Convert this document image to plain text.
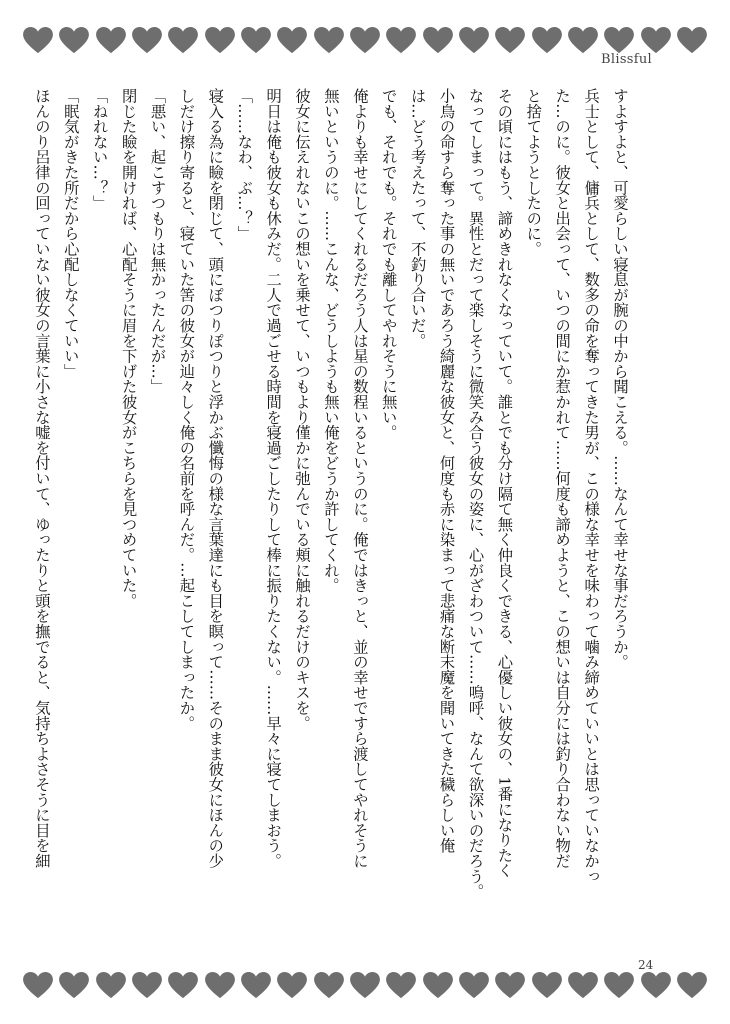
Blissful

すよすよと、可愛らしい寝息が腕の中から聞こえる。……なんて幸せな事だろうか。

兵士として、傭兵として、数多の命を奪ってきた男が、この様な幸せを味わって噛み締めていいとは思っていなかっ

た…のに。彼女と出会って、いつの間にか惹かれて……何度も諦めようと、この想いは自分には釣り合わない物だ

と捨てようとしたのに。

その頃にはもう、諦めきれなくなっていて。誰とでも分け隔て無く仲良くできる、心優しい彼女の、1番になりたく

なってしまって。異性とだって楽しそうに微笑み合う彼女の姿に、心がざわついて……嗚呼、なんて欲深いのだろう。

小鳥の命すら奪った事の無いであろう綺麗な彼女と、何度も赤に染まって悲痛な断末魔を聞いてきた穢らしい俺

は…どう考えたって、不釣り合いだ。

でも、それでも。それでも離してやれそうに無い。

俺よりも幸せにしてくれるだろう人は星の数程いるというのに。俺ではきっと、並の幸せですら渡してやれそうに

無いというのに。……こんな、どうしようも無い俺をどうか許してくれ。

彼女に伝えれないこの想いを乗せて、いつもより僅かに弛んでいる頬に触れるだけのキスを。

明日は俺も彼女も休みだ。二人で過ごせる時間を寝過ごしたりして棒に振りたくない。……早々に寝てしまおう。

「……なわ、ぶ…？」

寝入る為に瞼を閉じて、頭にぽつりぽつりと浮かぶ懺悔の様な言葉達にも目を瞑って……そのまま彼女にほんの少

しだけ擦り寄ると、寝ていた筈の彼女が辿々しく俺の名前を呼んだ。…起こしてしまったか。

「悪い、起こすつもりは無かったんだが…」

閉じた瞼を開ければ、心配そうに眉を下げた彼女がこちらを見つめていた。

「ねれない…？」

「眠気がきた所だから心配しなくていい」

ほんのり呂律の回っていない彼女の言葉に小さな嘘を付いて、ゆったりと頭を撫でると、気持ちよさそうに目を細

24
